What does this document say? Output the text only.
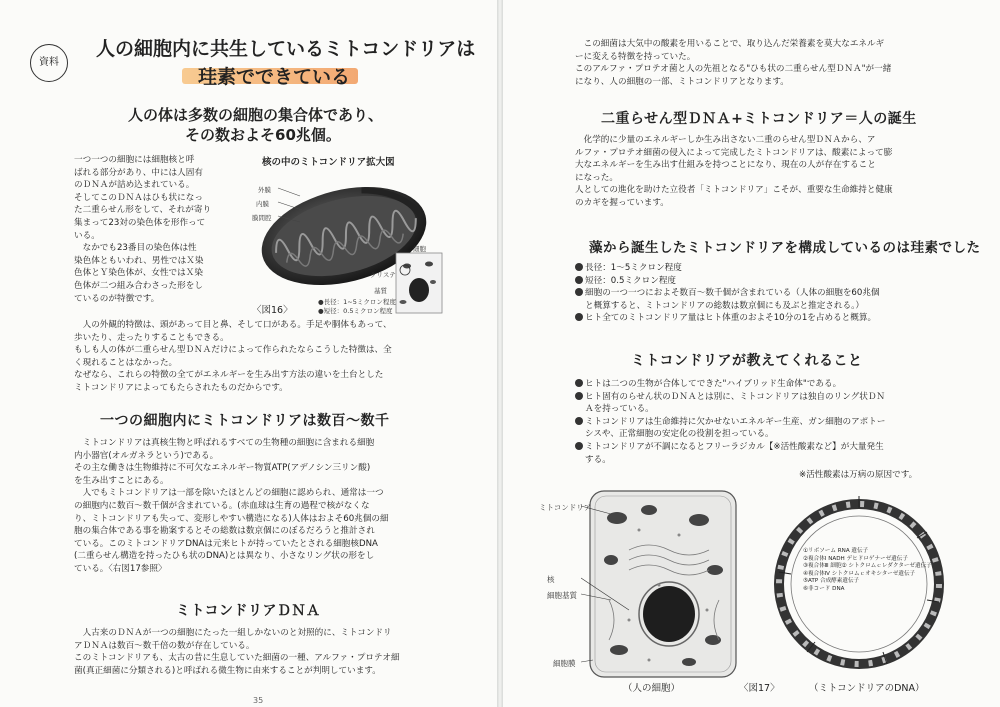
資料
人の細胞内に共生しているミトコンドリアは
珪素でできている
人の体は多数の細胞の集合体であり、
その数およそ60兆個。

一つ一つの細胞には細胞核と呼

ばれる部分があり、中には人固有

のＤＮＡが詰め込まれている。

そしてこのＤＮＡはひも状になっ

た二重らせん形をして、それが寄り

集まって23対の染色体を形作って

いる。

　なかでも23番目の染色体は性

染色体ともいわれ、男性ではＸ染

色体とＹ染色体が、女性ではＸ染

色体が二つ組み合わさった形をし

ているのが特徴です。

核の中のミトコンドリア拡大図
外膜
内膜
膜間腔
細胞
クリステ
基質
●長径：1~5ミクロン程度
●短径：0.5ミクロン程度
〈図16〉

　人の外観的特徴は、頭があって目と鼻、そして口がある。手足や胴体もあって、

歩いたり、走ったりすることもできる。

もしも人の体が二重らせん型ＤＮＡだけによって作られたならこうした特徴は、全

く現れることはなかった。

なぜなら、これらの特徴の全てがエネルギーを生み出す方法の違いを土台とした

ミトコンドリアによってもたらされたものだからです。

一つの細胞内にミトコンドリアは数百〜数千

　ミトコンドリアは真核生物と呼ばれるすべての生物種の細胞に含まれる細胞

内小器官(オルガネラという)である。

その主な働きは生物維持に不可欠なエネルギー物質ATP(アデノシン三リン酸)

を生み出すことにある。

　人でもミトコンドリアは一部を除いたほとんどの細胞に認められ、通常は一つ

の細胞内に数百〜数千個が含まれている。(赤血球は生育の過程で核がなくな

り、ミトコンドリアも失って、変形しやすい構造になる)人体はおよそ60兆個の細

胞の集合体である事を勘案するとその総数は数京個にのぼるだろうと推計され

ている。このミトコンドリアDNAは元来ヒトが持っていたとされる細胞核DNA

(二重らせん構造を持ったひも状のDNA)とは異なり、小さなリング状の形をし

ている。〈右図17参照〉

ミトコンドリアＤＮＡ

　人古来のＤＮＡが一つの細胞にたった一組しかないのと対照的に、ミトコンドリ

アＤＮＡは数百〜数千倍の数が存在している。

このミトコンドリアも、太古の昔に生息していた細菌の一種、アルファ・プロテオ細

菌(真正細菌に分類される)と呼ばれる微生物に由来することが判明しています。

35

　この細菌は大気中の酸素を用いることで、取り込んだ栄養素を莫大なエネルギ

ーに変える特徴を持っていた。

このアルファ・プロテオ菌と人の先祖となる"ひも状の二重らせん型ＤＮＡ"が一緒

になり、人の細胞の一部、ミトコンドリアとなります。

二重らせん型ＤＮＡ+ミトコンドリア＝人の誕生

　化学的に少量のエネルギーしか生み出さない二重のらせん型ＤＮＡから、ア

ルファ・プロテオ細菌の侵入によって完成したミトコンドリアは、酸素によって膨

大なエネルギーを生み出す仕組みを持つことになり、現在の人が存在すること

になった。

人としての進化を助けた立役者「ミトコンドリア」こそが、重要な生命維持と健康

のカギを握っています。

藻から誕生したミトコンドリアを構成しているのは珪素でした
長径：1〜5ミクロン程度
短径：0.5ミクロン程度
細胞の一つ一つにおよそ数百〜数千個が含まれている（人体の細胞を60兆個
と概算すると、ミトコンドリアの総数は数京個にも及ぶと推定される。）
ヒト全てのミトコンドリア量はヒト体重のおよそ10分の1を占めると概算。
ミトコンドリアが教えてくれること
ヒトは二つの生物が合体してできた"ハイブリッド生命体"である。
ヒト固有のらせん状のＤＮＡとは別に、ミトコンドリアは独自のリング状ＤＮ
Ａを持っている。
ミトコンドリアは生命維持に欠かせないエネルギー生産、ガン細胞のアポトー
シスや、正常細胞の安定化の役割を担っている。
ミトコンドリアが不調になるとフリーラジカル【※活性酸素など】が大量発生
する。
※活性酸素は万病の原因です。
ミトコンドリア
核
細胞基質
細胞膜
①リボソーム RNA 遺伝子
②複合体Ⅰ NADH デヒドロゲナーゼ遺伝子
③複合体Ⅲ 細胞② シトクロムｃレダクターゼ遺伝子
④複合体Ⅳ シトクロムｃオキシターゼ遺伝子
⑤ATP 合成酵素遺伝子
⑥非コード DNA
（人の細胞）	〈図17〉	（ミトコンドリアのDNA）
